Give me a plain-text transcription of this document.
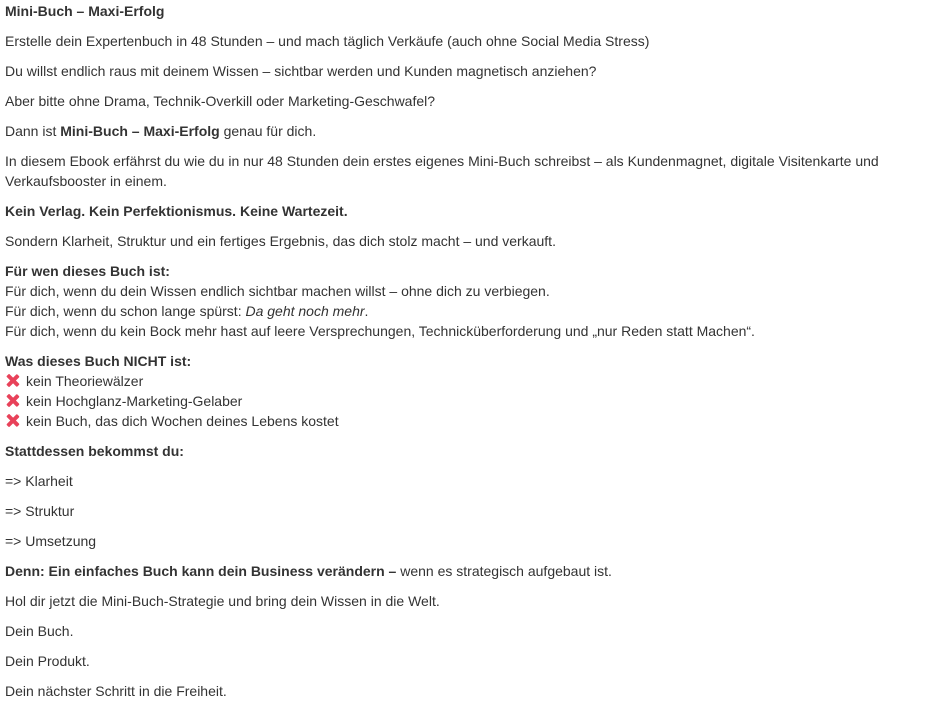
Mini-Buch – Maxi-Erfolg
Erstelle dein Expertenbuch in 48 Stunden – und mach täglich Verkäufe (auch ohne Social Media Stress)
Du willst endlich raus mit deinem Wissen – sichtbar werden und Kunden magnetisch anziehen?
Aber bitte ohne Drama, Technik-Overkill oder Marketing-Geschwafel?
Dann ist Mini-Buch – Maxi-Erfolg genau für dich.
In diesem Ebook erfährst du wie du in nur 48 Stunden dein erstes eigenes Mini-Buch schreibst – als Kundenmagnet, digitale Visitenkarte und
Verkaufsbooster in einem.
Kein Verlag. Kein Perfektionismus. Keine Wartezeit.
Sondern Klarheit, Struktur und ein fertiges Ergebnis, das dich stolz macht – und verkauft.
Für wen dieses Buch ist:
Für dich, wenn du dein Wissen endlich sichtbar machen willst – ohne dich zu verbiegen.
Für dich, wenn du schon lange spürst: Da geht noch mehr.
Für dich, wenn du kein Bock mehr hast auf leere Versprechungen, Technicküberforderung und „nur Reden statt Machen“.
Was dieses Buch NICHT ist:
kein Theoriewälzer
kein Hochglanz-Marketing-Gelaber
kein Buch, das dich Wochen deines Lebens kostet
Stattdessen bekommst du:
=> Klarheit
=> Struktur
=> Umsetzung
Denn: Ein einfaches Buch kann dein Business verändern – wenn es strategisch aufgebaut ist.
Hol dir jetzt die Mini-Buch-Strategie und bring dein Wissen in die Welt.
Dein Buch.
Dein Produkt.
Dein nächster Schritt in die Freiheit.
